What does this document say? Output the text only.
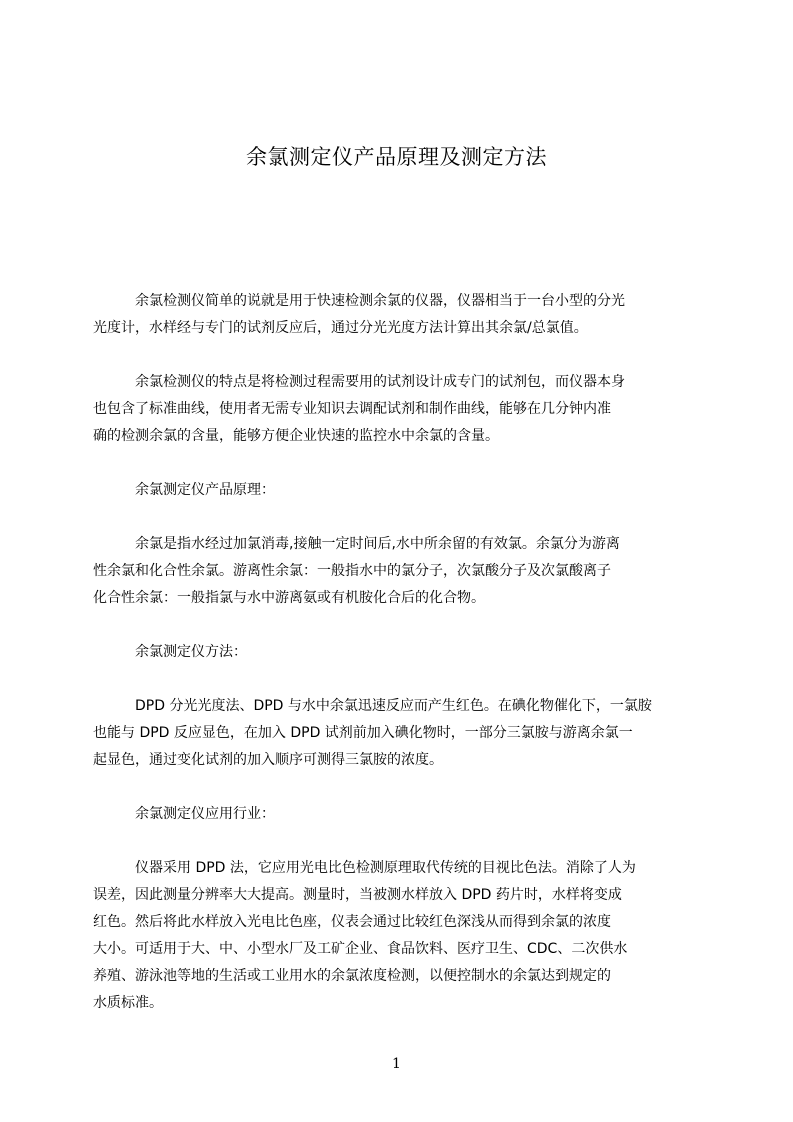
余氯测定仪产品原理及测定方法

余氯检测仪简单的说就是用于快速检测余氯的仪器，仪器相当于一台小型的分光
光度计，水样经与专门的试剂反应后，通过分光光度方法计算出其余氯/总氯值。

余氯检测仪的特点是将检测过程需要用的试剂设计成专门的试剂包，而仪器本身
也包含了标准曲线，使用者无需专业知识去调配试剂和制作曲线，能够在几分钟内准
确的检测余氯的含量，能够方便企业快速的监控水中余氯的含量。

余氯测定仪产品原理：

余氯是指水经过加氯消毒,接触一定时间后,水中所余留的有效氯。余氯分为游离
性余氯和化合性余氯。游离性余氯：一般指水中的氯分子，次氯酸分子及次氯酸离子
化合性余氯：一般指氯与水中游离氨或有机胺化合后的化合物。

余氯测定仪方法：

DPD 分光光度法、DPD 与水中余氯迅速反应而产生红色。在碘化物催化下，一氯胺
也能与 DPD 反应显色，在加入 DPD 试剂前加入碘化物时，一部分三氯胺与游离余氯一
起显色，通过变化试剂的加入顺序可测得三氯胺的浓度。

余氯测定仪应用行业：

仪器采用 DPD 法，它应用光电比色检测原理取代传统的目视比色法。消除了人为
误差，因此测量分辨率大大提高。测量时，当被测水样放入 DPD 药片时，水样将变成
红色。然后将此水样放入光电比色座，仪表会通过比较红色深浅从而得到余氯的浓度
大小。可适用于大、中、小型水厂及工矿企业、食品饮料、医疗卫生、CDC、二次供水
养殖、游泳池等地的生活或工业用水的余氯浓度检测，以便控制水的余氯达到规定的
水质标准。

1
